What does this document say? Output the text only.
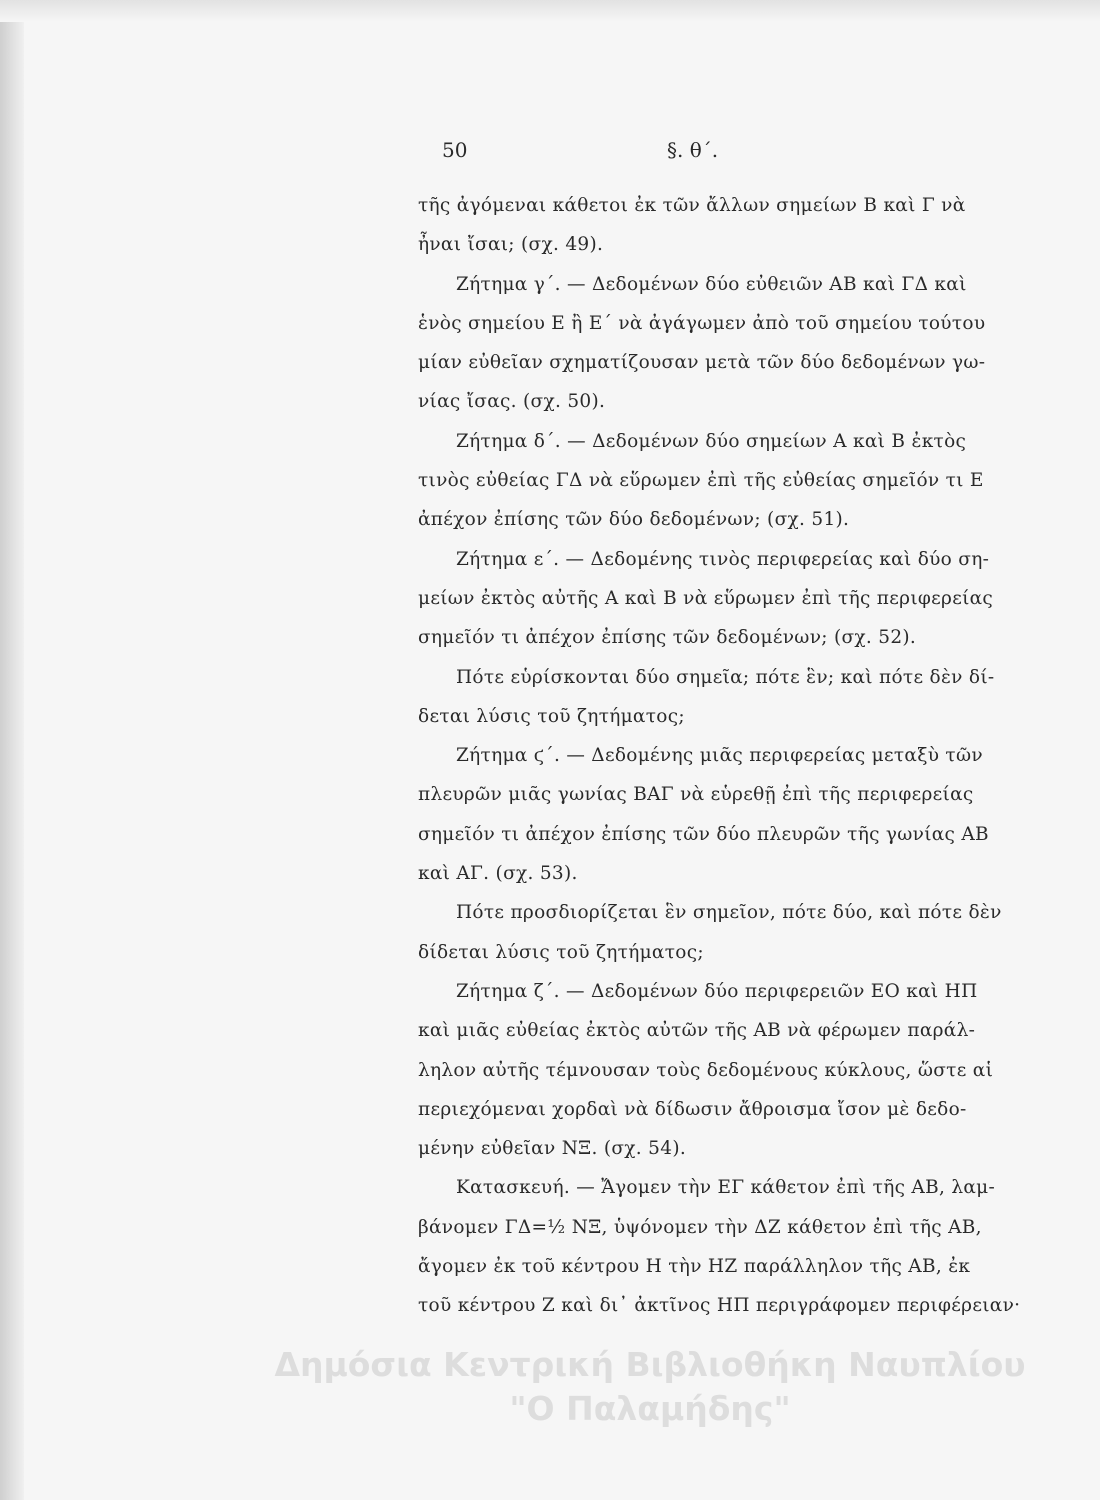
50	§. θ΄.
τῆς ἀγόμεναι κάθετοι ἐκ τῶν ἄλλων σημείων Β καὶ Γ νὰ
ἦναι ἴσαι; (σχ. 49).
Ζήτημα γ΄. — Δεδομένων δύο εὐθειῶν ΑΒ καὶ ΓΔ καὶ
ἑνὸς σημείου Ε ἢ Ε΄ νὰ ἀγάγωμεν ἀπὸ τοῦ σημείου τούτου
μίαν εὐθεῖαν σχηματίζουσαν μετὰ τῶν δύο δεδομένων γω-
νίας ἴσας. (σχ. 50).
Ζήτημα δ΄. — Δεδομένων δύο σημείων Α καὶ Β ἐκτὸς
τινὸς εὐθείας ΓΔ νὰ εὕρωμεν ἐπὶ τῆς εὐθείας σημεῖόν τι Ε
ἀπέχον ἐπίσης τῶν δύο δεδομένων; (σχ. 51).
Ζήτημα ε΄. — Δεδομένης τινὸς περιφερείας καὶ δύο ση-
μείων ἐκτὸς αὐτῆς Α καὶ Β νὰ εὕρωμεν ἐπὶ τῆς περιφερείας
σημεῖόν τι ἀπέχον ἐπίσης τῶν δεδομένων; (σχ. 52).
Πότε εὑρίσκονται δύο σημεῖα; πότε ἓν; καὶ πότε δὲν δί-
δεται λύσις τοῦ ζητήματος;
Ζήτημα ϛ΄. — Δεδομένης μιᾶς περιφερείας μεταξὺ τῶν
πλευρῶν μιᾶς γωνίας ΒΑΓ νὰ εὑρεθῇ ἐπὶ τῆς περιφερείας
σημεῖόν τι ἀπέχον ἐπίσης τῶν δύο πλευρῶν τῆς γωνίας ΑΒ
καὶ ΑΓ. (σχ. 53).
Πότε προσδιορίζεται ἓν σημεῖον, πότε δύο, καὶ πότε δὲν
δίδεται λύσις τοῦ ζητήματος;
Ζήτημα ζ΄. — Δεδομένων δύο περιφερειῶν ΕΟ καὶ ΗΠ
καὶ μιᾶς εὐθείας ἐκτὸς αὐτῶν τῆς ΑΒ νὰ φέρωμεν παράλ-
ληλον αὐτῆς τέμνουσαν τοὺς δεδομένους κύκλους, ὥστε αἱ
περιεχόμεναι χορδαὶ νὰ δίδωσιν ἄθροισμα ἴσον μὲ δεδο-
μένην εὐθεῖαν ΝΞ. (σχ. 54).
Κατασκευή. — Ἄγομεν τὴν ΕΓ κάθετον ἐπὶ τῆς ΑΒ, λαμ-
βάνομεν ΓΔ=½ ΝΞ, ὑψόνομεν τὴν ΔΖ κάθετον ἐπὶ τῆς ΑΒ,
ἄγομεν ἐκ τοῦ κέντρου Η τὴν ΗΖ παράλληλον τῆς ΑΒ, ἐκ
τοῦ κέντρου Ζ καὶ δι᾽ ἀκτῖνος ΗΠ περιγράφομεν περιφέρειαν·
Δημόσια Κεντρική Βιβλιοθήκη Ναυπλίου
"Ο Παλαμήδης"
